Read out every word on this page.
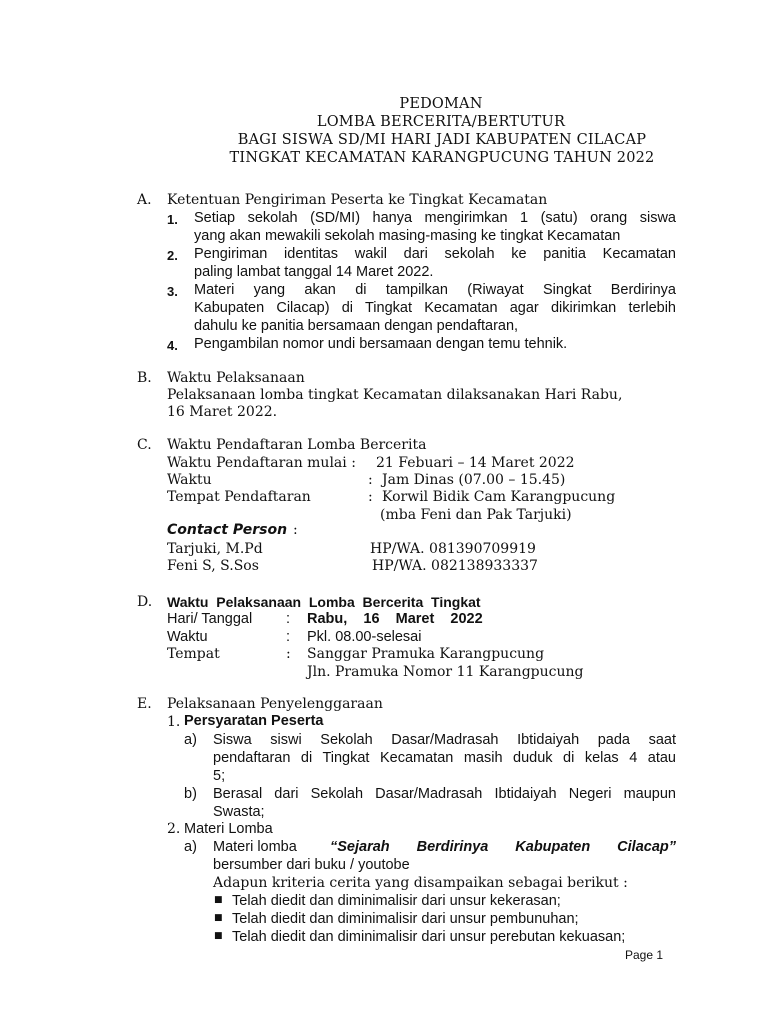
PEDOMAN
LOMBA BERCERITA/BERTUTUR
BAGI SISWA SD/MI HARI JADI KABUPATEN CILACAP
TINGKAT KECAMATAN KARANGPUCUNG TAHUN 2022
A. Ketentuan Pengiriman Peserta ke Tingkat Kecamatan
1. Setiap sekolah (SD/MI) hanya mengirimkan 1 (satu) orang siswa
yang akan mewakili sekolah masing-masing ke tingkat Kecamatan
2. Pengiriman identitas wakil dari sekolah ke panitia Kecamatan
paling lambat tanggal 14 Maret 2022.
3. Materi yang akan di tampilkan (Riwayat Singkat Berdirinya
Kabupaten Cilacap) di Tingkat Kecamatan agar dikirimkan terlebih
dahulu ke panitia bersamaan dengan pendaftaran,
4. Pengambilan nomor undi bersamaan dengan temu tehnik.
B. Waktu Pelaksanaan
Pelaksanaan lomba tingkat Kecamatan dilaksanakan Hari Rabu,
16 Maret 2022.
C. Waktu Pendaftaran Lomba Bercerita
Waktu Pendaftaran mulai : 21 Febuari – 14 Maret 2022
Waktu	: Jam Dinas (07.00 – 15.45)
Tempat Pendaftaran	: Korwil Bidik Cam Karangpucung
(mba Feni dan Pak Tarjuki)
Contact Person :
Tarjuki, M.Pd	HP/WA. 081390709919
Feni S, S.Sos	HP/WA. 082138933337
D. Waktu  Pelaksanaan  Lomba  Bercerita  Tingkat
Hari/ Tanggal : Rabu,    16    Maret    2022
Waktu	: Pkl. 08.00-selesai
Tempat	: Sanggar Pramuka Karangpucung
Jln. Pramuka Nomor 11 Karangpucung
E. Pelaksanaan Penyelenggaraan
1. Persyaratan Peserta
a) Siswa siswi Sekolah Dasar/Madrasah Ibtidaiyah pada saat
pendaftaran di Tingkat Kecamatan masih duduk di kelas 4 atau
5;
b) Berasal dari Sekolah Dasar/Madrasah Ibtidaiyah Negeri maupun
Swasta;
2. Materi Lomba
a) Materi lomba “Sejarah Berdirinya Kabupaten Cilacap”
bersumber dari buku / youtobe
Adapun kriteria cerita yang disampaikan sebagai berikut :
■ Telah diedit dan diminimalisir dari unsur kekerasan;
■ Telah diedit dan diminimalisir dari unsur pembunuhan;
■ Telah diedit dan diminimalisir dari unsur perebutan kekuasan;
Page 1
